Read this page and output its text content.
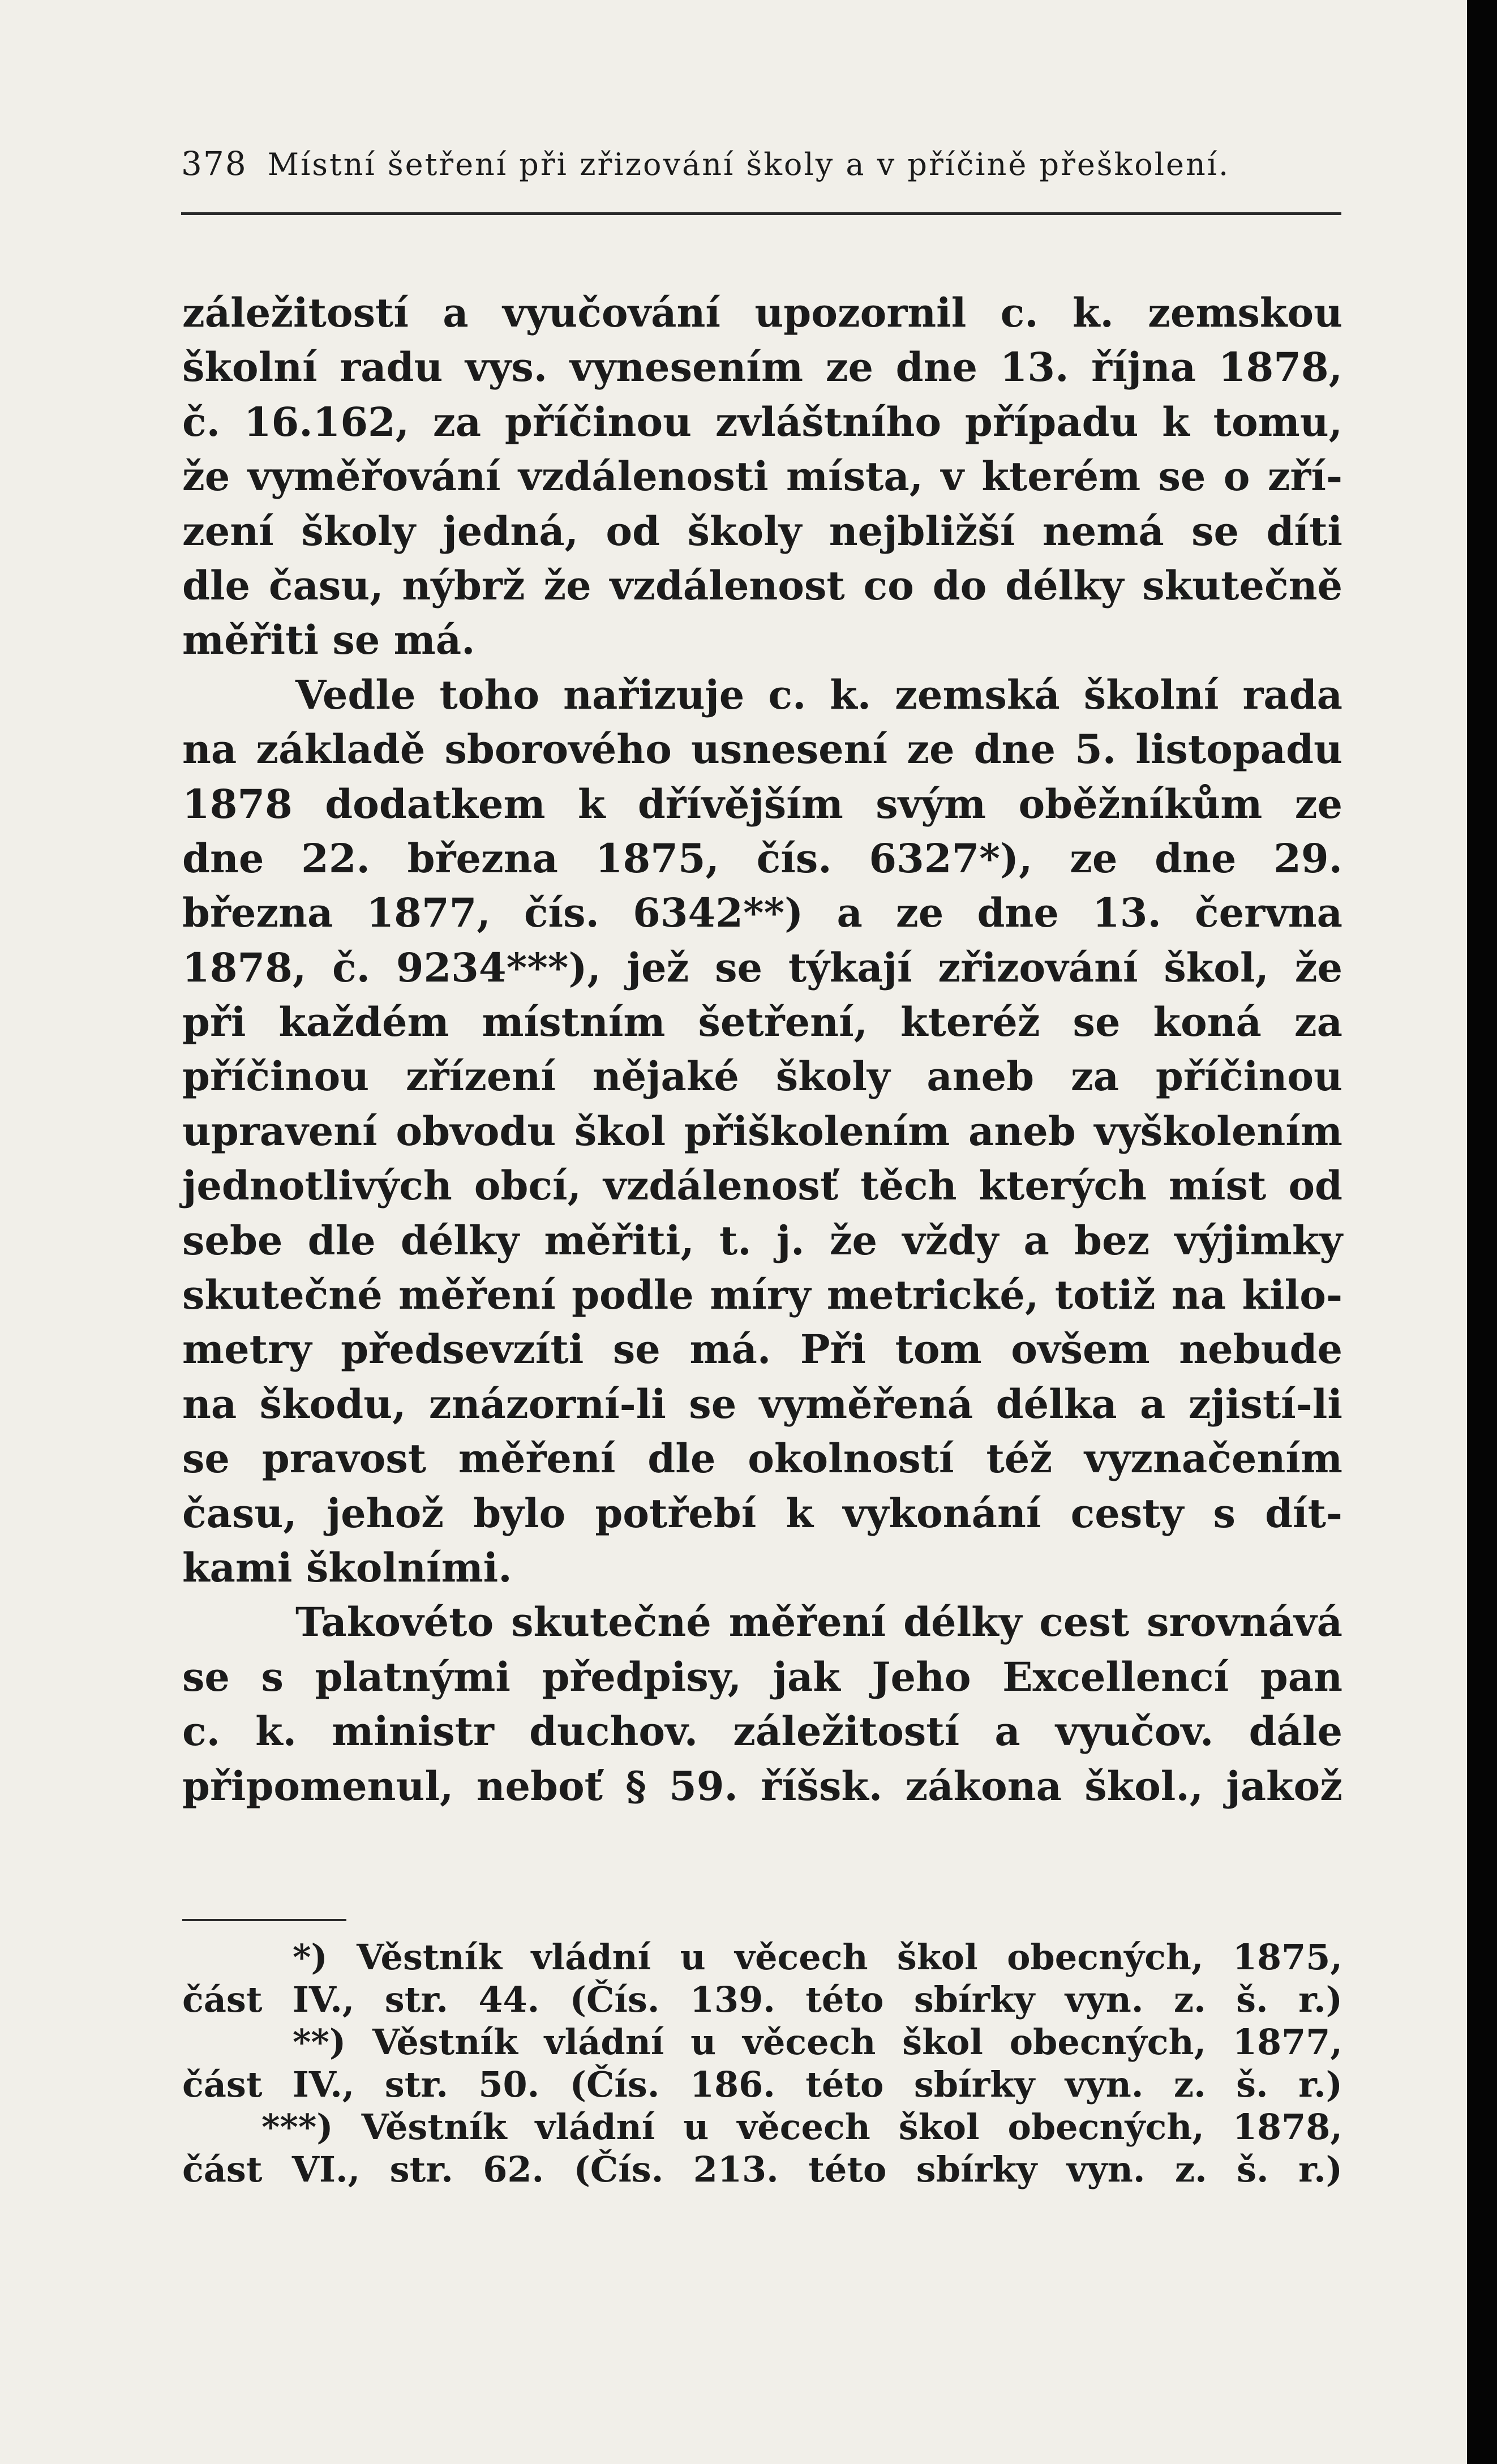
378 Místní šetření při zřizování školy a v příčině přeškolení.
záležitostí a vyučování upozornil c. k. zemskou
školní radu vys. vynesením ze dne 13. října 1878,
č. 16.162, za příčinou zvláštního případu k tomu,
že vyměřování vzdálenosti místa, v kterém se o zří-
zení školy jedná, od školy nejbližší nemá se díti
dle času, nýbrž že vzdálenost co do délky skutečně
měřiti se má.
Vedle toho nařizuje c. k. zemská školní rada
na základě sborového usnesení ze dne 5. listopadu
1878 dodatkem k dřívějším svým oběžníkům ze
dne 22. března 1875, čís. 6327*), ze dne 29.
března 1877, čís. 6342**) a ze dne 13. června
1878, č. 9234***), jež se týkají zřizování škol, že
při každém místním šetření, kteréž se koná za
příčinou zřízení nějaké školy aneb za příčinou
upravení obvodu škol přiškolením aneb vyškolením
jednotlivých obcí, vzdálenosť těch kterých míst od
sebe dle délky měřiti, t. j. že vždy a bez výjimky
skutečné měření podle míry metrické, totiž na kilo-
metry předsevzíti se má. Při tom ovšem nebude
na škodu, znázorní-li se vyměřená délka a zjistí-li
se pravost měření dle okolností též vyznačením
času, jehož bylo potřebí k vykonání cesty s dít-
kami školními.
Takovéto skutečné měření délky cest srovnává
se s platnými předpisy, jak Jeho Excellencí pan
c. k. ministr duchov. záležitostí a vyučov. dále
připomenul, neboť § 59. říšsk. zákona škol., jakož
*) Věstník vládní u věcech škol obecných, 1875,
část IV., str. 44. (Čís. 139. této sbírky vyn. z. š. r.)
**) Věstník vládní u věcech škol obecných, 1877,
část IV., str. 50. (Čís. 186. této sbírky vyn. z. š. r.)
***) Věstník vládní u věcech škol obecných, 1878,
část VI., str. 62. (Čís. 213. této sbírky vyn. z. š. r.)
